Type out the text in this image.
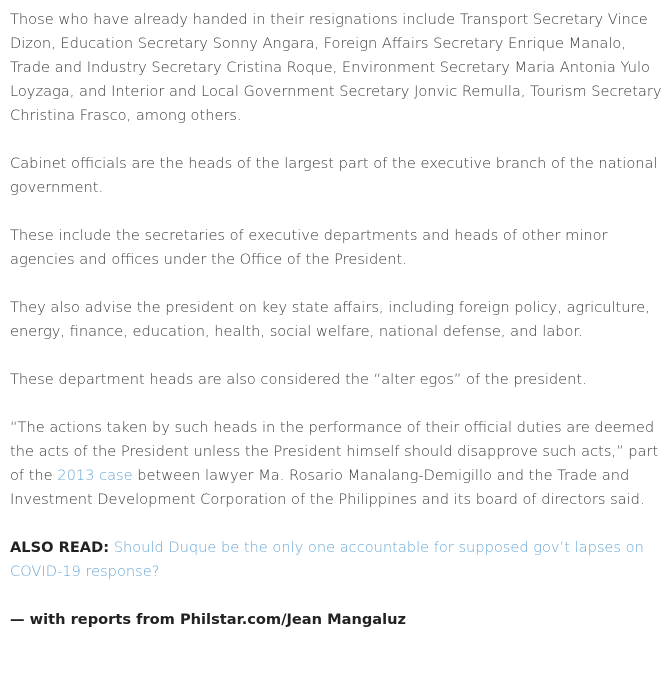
Those who have already handed in their resignations include Transport Secretary Vince Dizon, Education Secretary Sonny Angara, Foreign Affairs Secretary Enrique Manalo, Trade and Industry Secretary Cristina Roque, Environment Secretary Maria Antonia Yulo Loyzaga, and Interior and Local Government Secretary Jonvic Remulla, Tourism Secretary Christina Frasco, among others.

Cabinet officials are the heads of the largest part of the executive branch of the national government.

These include the secretaries of executive departments and heads of other minor agencies and offices under the Office of the President.

They also advise the president on key state affairs, including foreign policy, agriculture, energy, finance, education, health, social welfare, national defense, and labor.

These department heads are also considered the “alter egos” of the president.

“The actions taken by such heads in the performance of their official duties are deemed the acts of the President unless the President himself should disapprove such acts,” part of the 2013 case between lawyer Ma. Rosario Manalang-Demigillo and the Trade and Investment Development Corporation of the Philippines and its board of directors said.

ALSO READ: Should Duque be the only one accountable for supposed gov’t lapses on COVID-19 response?

— with reports from Philstar.com/Jean Mangaluz
